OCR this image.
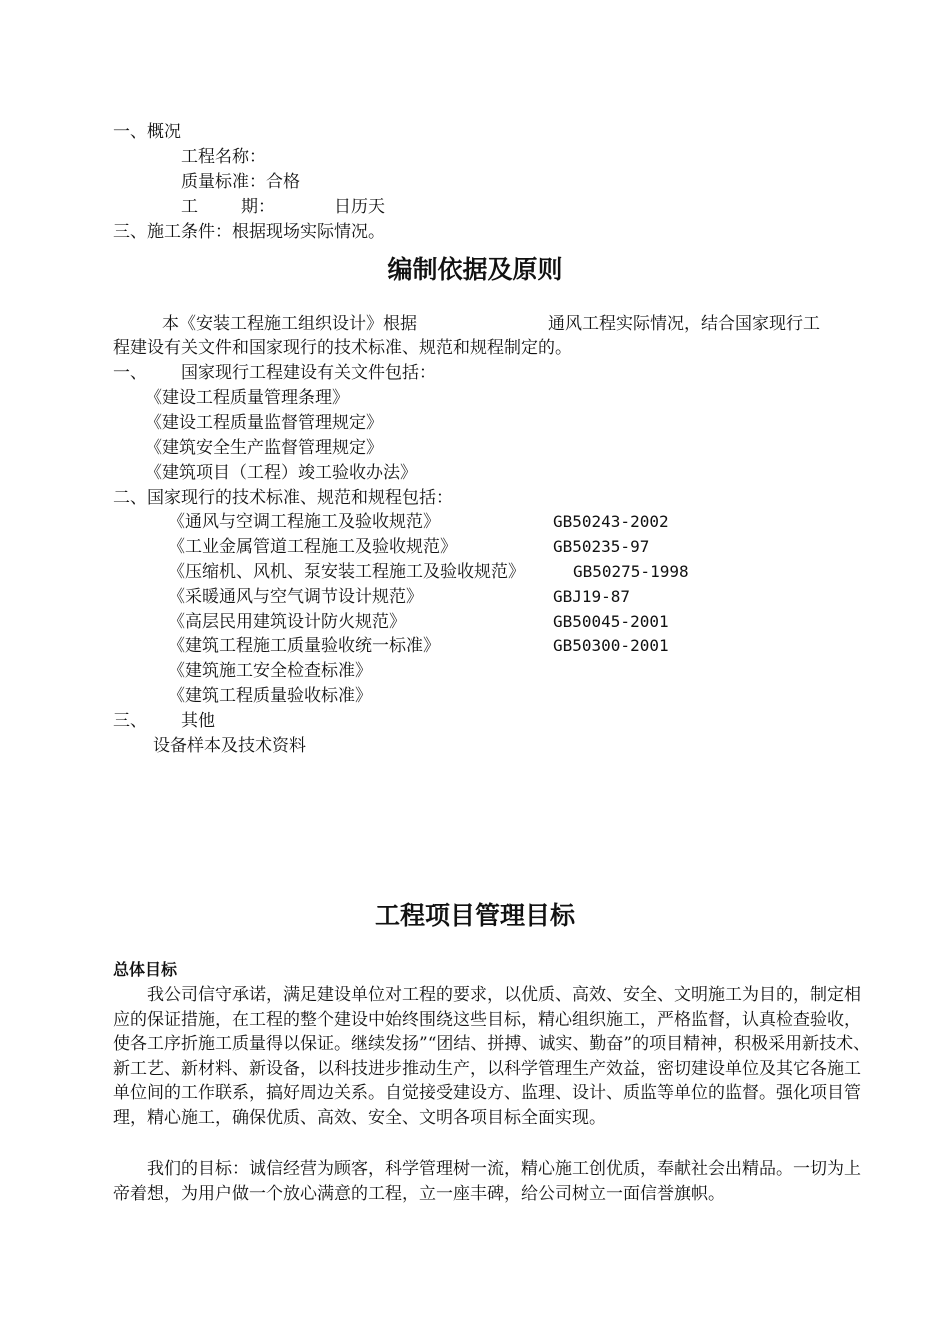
一、概况
工程名称：
质量标准：合格
工	期：	日历天
三、施工条件：根据现场实际情况。
编制依据及原则
本《安装工程施工组织设计》根据	通风工程实际情况，结合国家现行工
程建设有关文件和国家现行的技术标准、规范和规程制定的。
一、 国家现行工程建设有关文件包括：
《建设工程质量管理条理》
《建设工程质量监督管理规定》
《建筑安全生产监督管理规定》
《建筑项目（工程）竣工验收办法》
二、国家现行的技术标准、规范和规程包括：
《通风与空调工程施工及验收规范》	GB50243-2002
《工业金属管道工程施工及验收规范》	GB50235-97
《压缩机、风机、泵安装工程施工及验收规范》	GB50275-1998
《采暖通风与空气调节设计规范》	GBJ19-87
《高层民用建筑设计防火规范》	GB50045-2001
《建筑工程施工质量验收统一标准》	GB50300-2001
《建筑施工安全检查标准》
《建筑工程质量验收标准》
三、 其他
设备样本及技术资料
工程项目管理目标
总体目标
我公司信守承诺，满足建设单位对工程的要求，以优质、高效、安全、文明施工为目的，制定相应的保证措施，在工程的整个建设中始终围绕这些目标，精心组织施工，严格监督，认真检查验收，使各工序折施工质量得以保证。继续发扬”“团结、拼搏、诚实、勤奋”的项目精神，积极采用新技术、新工艺、新材料、新设备，以科技进步推动生产，以科学管理生产效益，密切建设单位及其它各施工单位间的工作联系，搞好周边关系。自觉接受建设方、监理、设计、质监等单位的监督。强化项目管理，精心施工，确保优质、高效、安全、文明各项目标全面实现。
我们的目标：诚信经营为顾客，科学管理树一流，精心施工创优质，奉献社会出精品。一切为上帝着想，为用户做一个放心满意的工程，立一座丰碑，给公司树立一面信誉旗帜。
